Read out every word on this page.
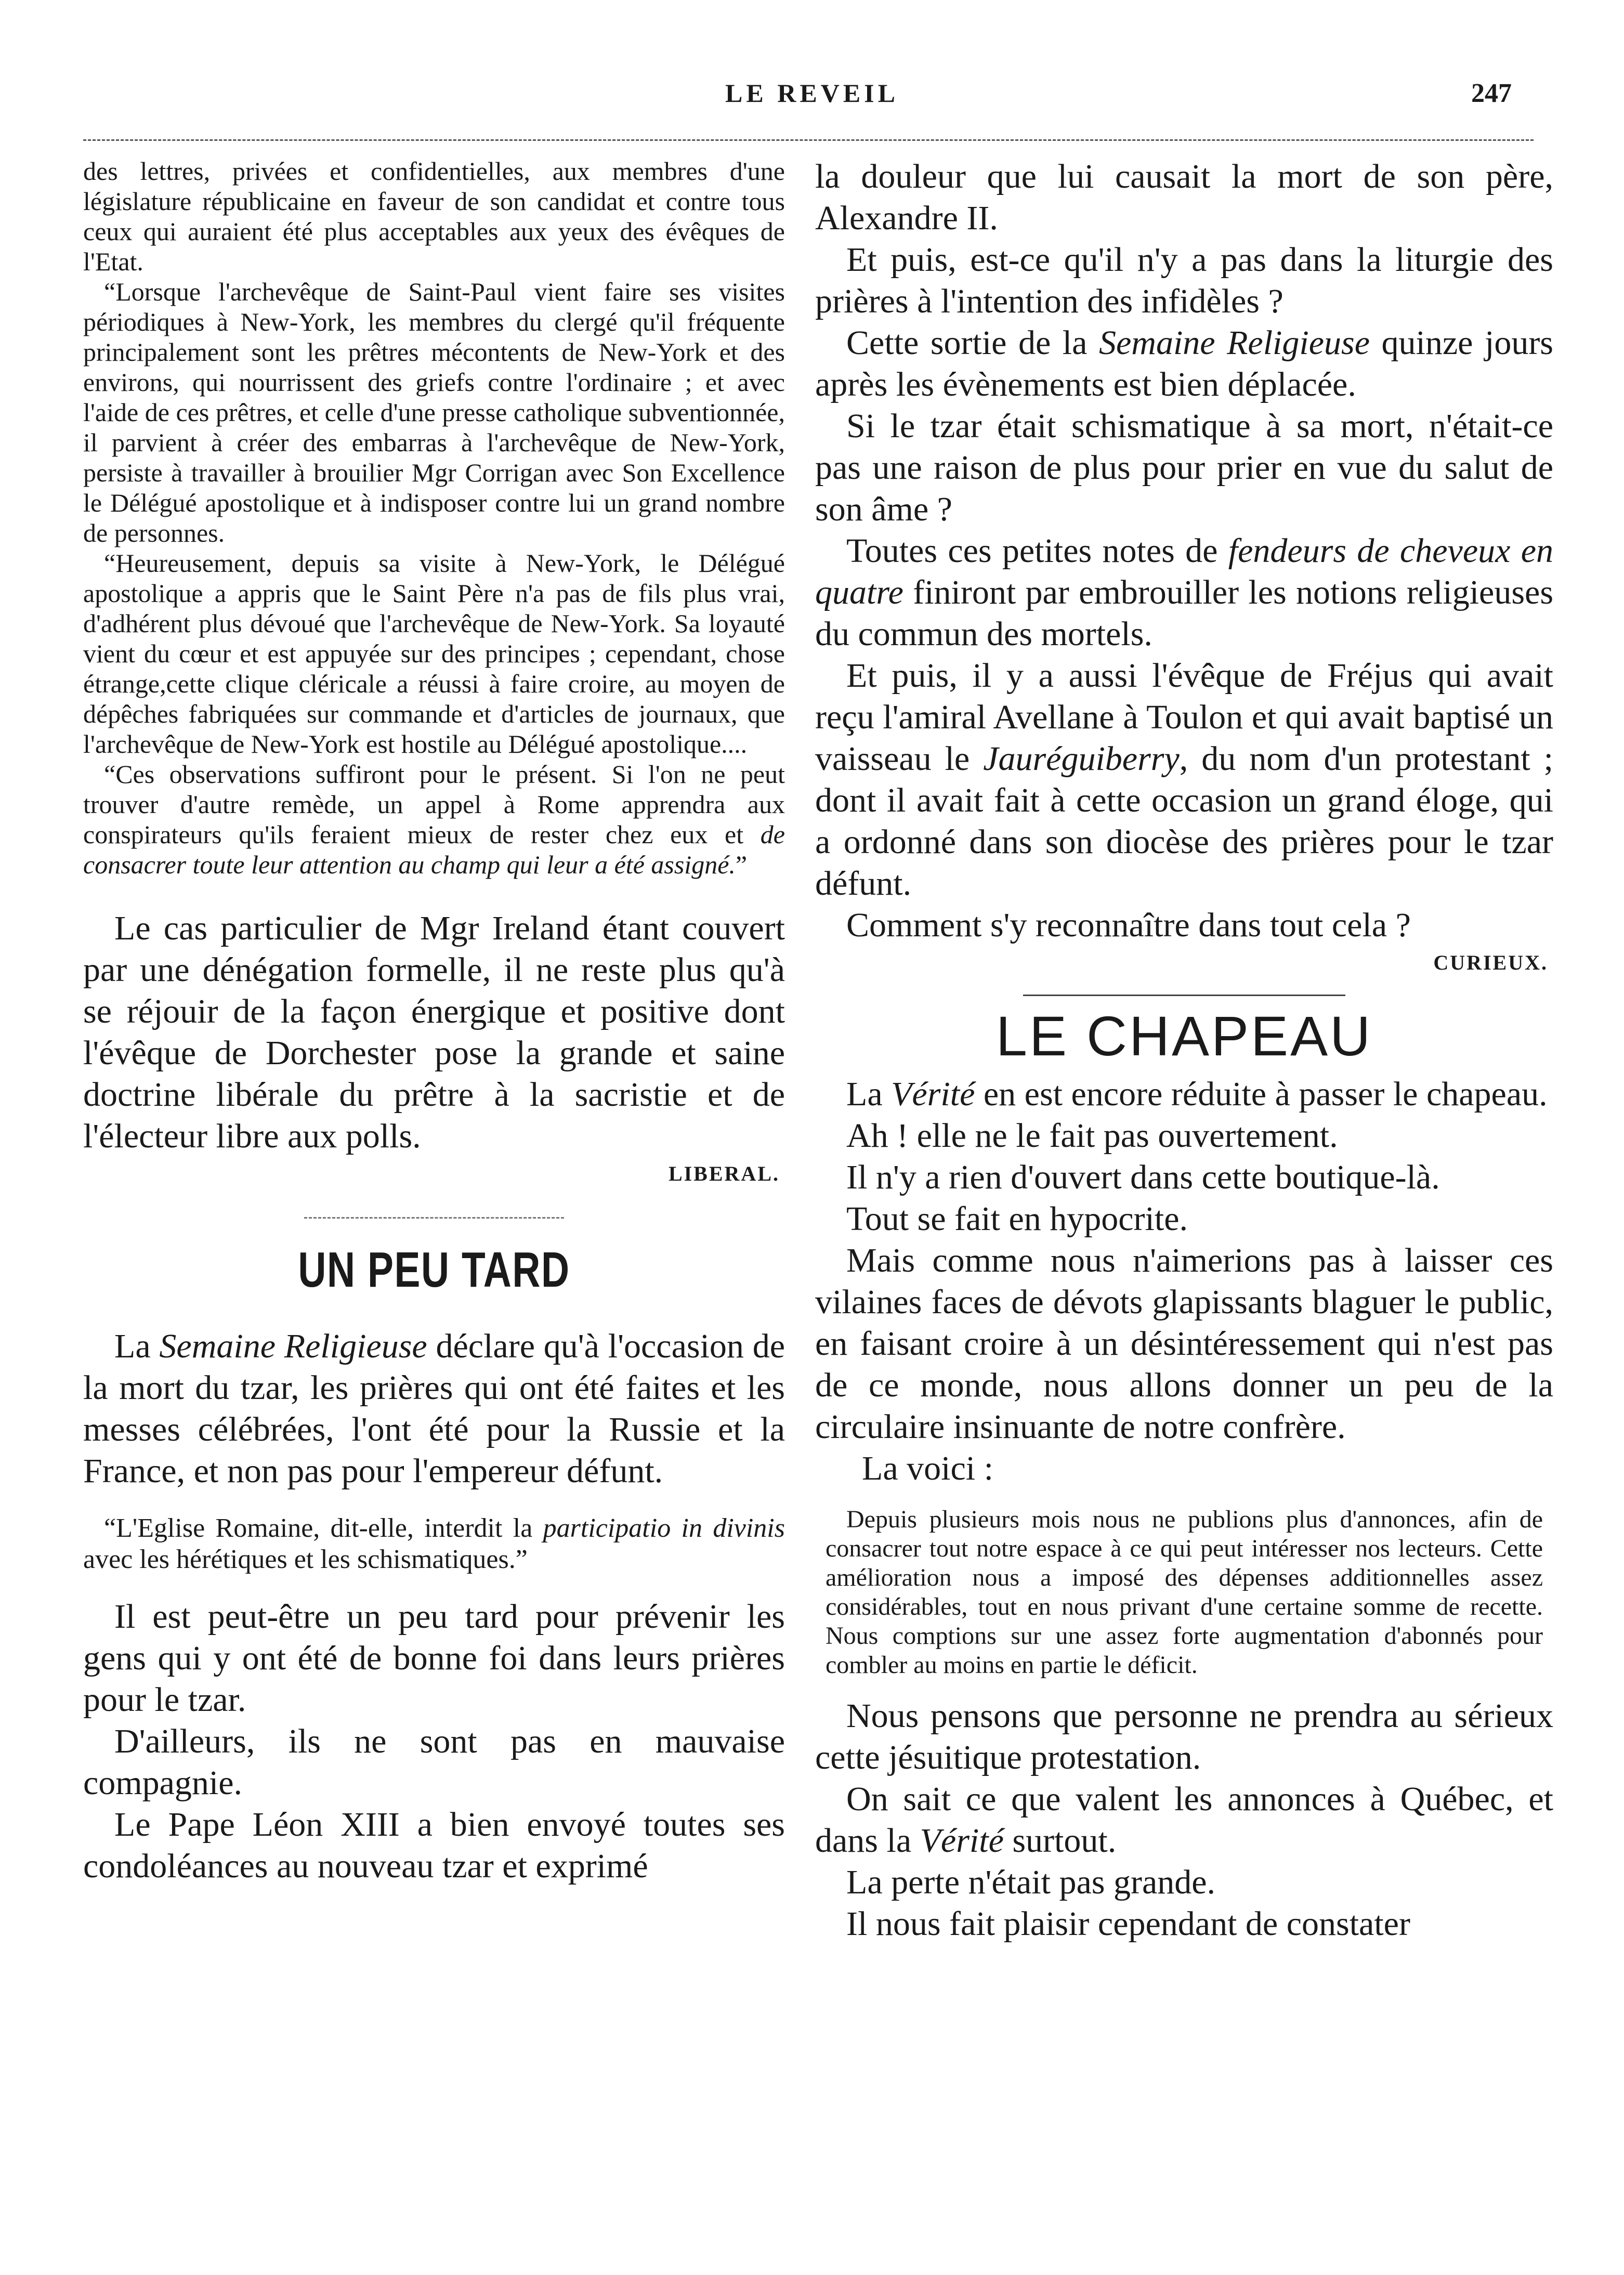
LE REVEIL	247

des lettres, privées et confidentielles, aux membres d'une législature républicaine en faveur de son candidat et contre tous ceux qui auraient été plus acceptables aux yeux des évêques de l'Etat.

“Lorsque l'archevêque de Saint-Paul vient faire ses visites périodiques à New-York, les membres du clergé qu'il fréquente principalement sont les prêtres mécontents de New-York et des environs, qui nourrissent des griefs contre l'ordinaire ; et avec l'aide de ces prêtres, et celle d'une presse catholique subventionnée, il parvient à créer des embarras à l'archevêque de New-York, persiste à travailler à brouilier Mgr Corrigan avec Son Excellence le Délégué apostolique et à indisposer contre lui un grand nombre de personnes.

“Heureusement, depuis sa visite à New-York, le Délégué apostolique a appris que le Saint Père n'a pas de fils plus vrai, d'adhérent plus dévoué que l'archevêque de New-York. Sa loyauté vient du cœur et est appuyée sur des principes ; cependant, chose étrange,cette clique cléricale a réussi à faire croire, au moyen de dépêches fabriquées sur commande et d'articles de journaux, que l'archevêque de New-York est hostile au Délégué apostolique....

“Ces observations suffiront pour le présent. Si l'on ne peut trouver d'autre remède, un appel à Rome apprendra aux conspirateurs qu'ils feraient mieux de rester chez eux et de consacrer toute leur attention au champ qui leur a été assigné.”

Le cas particulier de Mgr Ireland étant couvert par une dénégation formelle, il ne reste plus qu'à se réjouir de la façon énergique et positive dont l'évêque de Dorchester pose la grande et saine doctrine libérale du prêtre à la sacristie et de l'électeur libre aux polls.

LIBERAL.
UN PEU TARD

La Semaine Religieuse déclare qu'à l'occasion de la mort du tzar, les prières qui ont été faites et les messes célébrées, l'ont été pour la Russie et la France, et non pas pour l'empereur défunt.

“L'Eglise Romaine, dit-elle, interdit la participatio in divinis avec les hérétiques et les schismatiques.”

Il est peut-être un peu tard pour prévenir les gens qui y ont été de bonne foi dans leurs prières pour le tzar.

D'ailleurs, ils ne sont pas en mauvaise compagnie.

Le Pape Léon XIII a bien envoyé toutes ses condoléances au nouveau tzar et exprimé

la douleur que lui causait la mort de son père, Alexandre II.

Et puis, est-ce qu'il n'y a pas dans la liturgie des prières à l'intention des infidèles ?

Cette sortie de la Semaine Religieuse quinze jours après les évènements est bien déplacée.

Si le tzar était schismatique à sa mort, n'était-ce pas une raison de plus pour prier en vue du salut de son âme ?

Toutes ces petites notes de fendeurs de cheveux en quatre finiront par embrouiller les notions religieuses du commun des mortels.

Et puis, il y a aussi l'évêque de Fréjus qui avait reçu l'amiral Avellane à Toulon et qui avait baptisé un vaisseau le Jauréguiberry, du nom d'un protestant ; dont il avait fait à cette occasion un grand éloge, qui a ordonné dans son diocèse des prières pour le tzar défunt.

Comment s'y reconnaître dans tout cela ?

CURIEUX.
LE CHAPEAU

La Vérité en est encore réduite à passer le chapeau.

Ah ! elle ne le fait pas ouvertement.

Il n'y a rien d'ouvert dans cette boutique-là.

Tout se fait en hypocrite.

Mais comme nous n'aimerions pas à laisser ces vilaines faces de dévots glapissants blaguer le public, en faisant croire à un désintéressement qui n'est pas de ce monde, nous allons donner un peu de la circulaire insinuante de notre confrère.

La voici :

Depuis plusieurs mois nous ne publions plus d'annonces, afin de consacrer tout notre espace à ce qui peut intéresser nos lecteurs. Cette amélioration nous a imposé des dépenses additionnelles assez considérables, tout en nous privant d'une certaine somme de recette. Nous comptions sur une assez forte augmentation d'abonnés pour combler au moins en partie le déficit.

Nous pensons que personne ne prendra au sérieux cette jésuitique protestation.

On sait ce que valent les annonces à Québec, et dans la Vérité surtout.

La perte n'était pas grande.

Il nous fait plaisir cependant de constater
